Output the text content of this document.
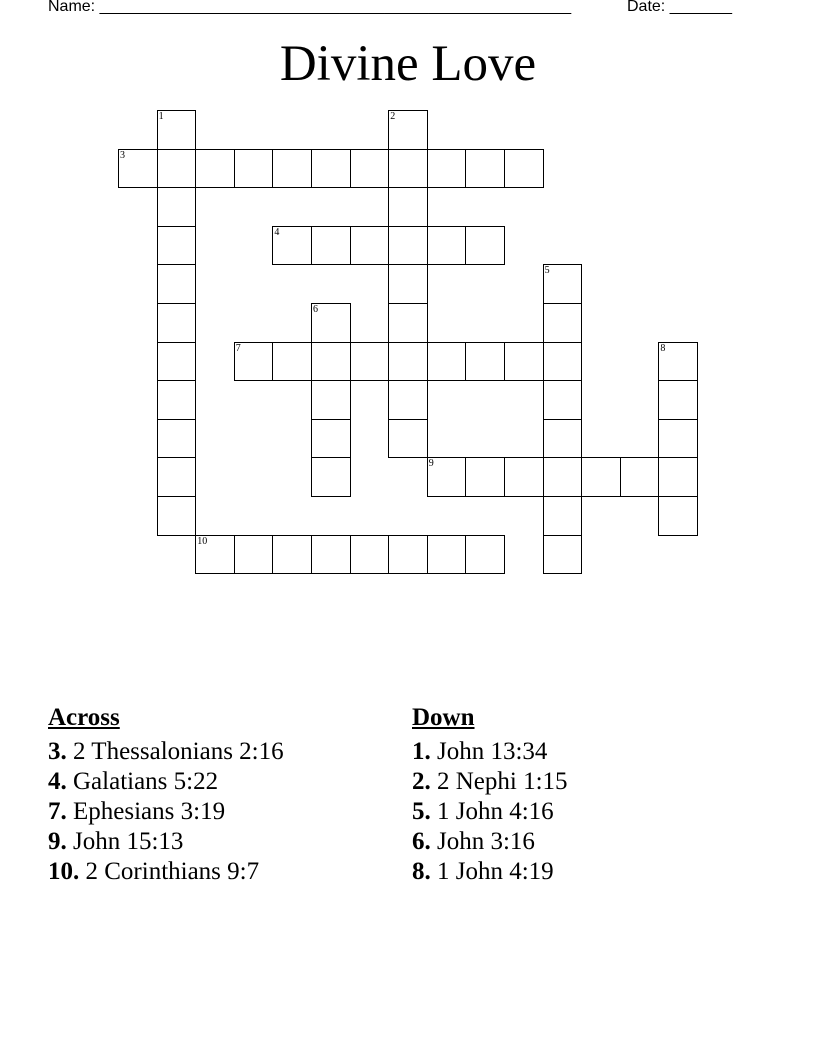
Name: _____________________________________________________	Date: _______
Divine Love
1	2
3
4
5
6
7	8
9
10
Across
3. 2 Thessalonians 2:16
4. Galatians 5:22
7. Ephesians 3:19
9. John 15:13
10. 2 Corinthians 9:7
Down
1. John 13:34
2. 2 Nephi 1:15
5. 1 John 4:16
6. John 3:16
8. 1 John 4:19
